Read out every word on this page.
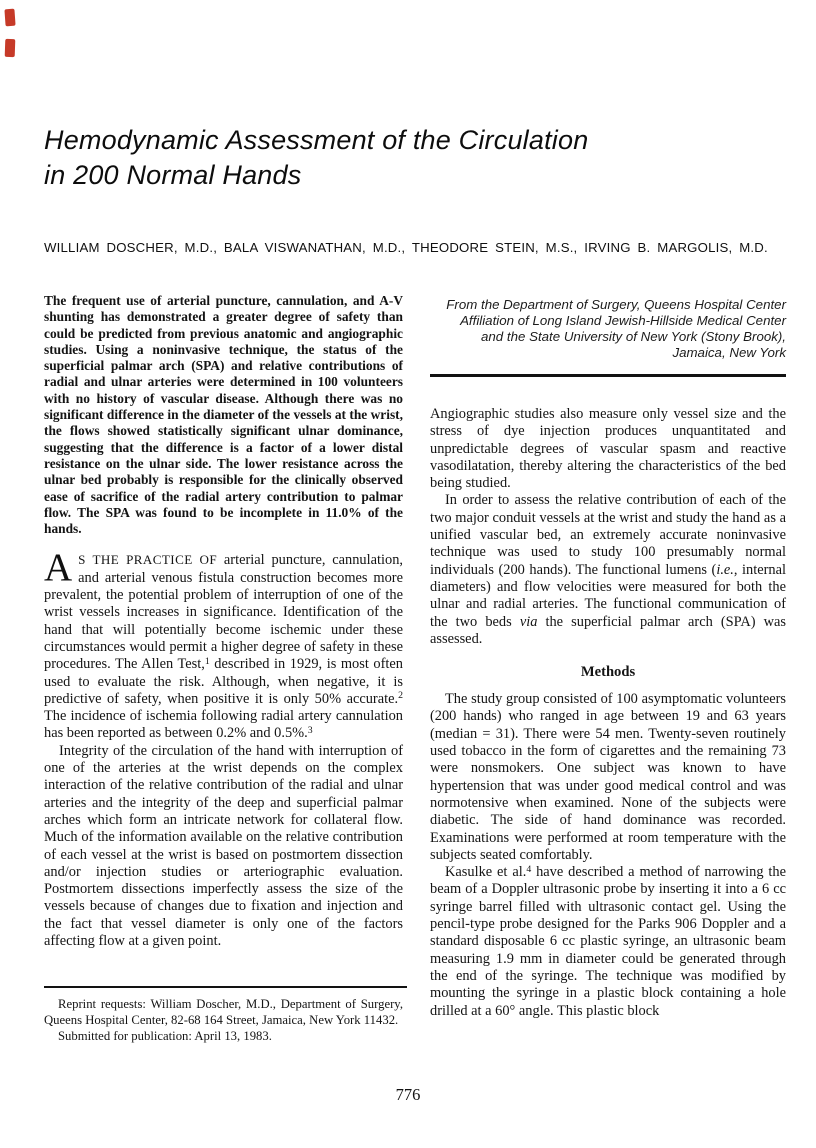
Hemodynamic Assessment of the Circulation
in 200 Normal Hands
WILLIAM DOSCHER, M.D., BALA VISWANATHAN, M.D., THEODORE STEIN, M.S., IRVING B. MARGOLIS, M.D.

The frequent use of arterial puncture, cannulation, and A-V shunting has demonstrated a greater degree of safety than could be predicted from previous anatomic and angiographic studies. Using a noninvasive technique, the status of the superficial palmar arch (SPA) and relative contributions of radial and ulnar arteries were determined in 100 volunteers with no history of vascular disease. Although there was no significant difference in the diameter of the vessels at the wrist, the flows showed statistically significant ulnar dominance, suggesting that the difference is a factor of a lower distal resistance on the ulnar side. The lower resistance across the ulnar bed probably is responsible for the clinically observed ease of sacrifice of the radial artery contribution to palmar flow. The SPA was found to be incomplete in 11.0% of the hands.

A S THE PRACTICE OF arterial puncture, cannulation, and arterial venous fistula construction becomes more prevalent, the potential problem of interruption of one of the wrist vessels increases in significance. Identification of the hand that will potentially become ischemic under these circumstances would permit a higher degree of safety in these procedures. The Allen Test,$^1$ described in 1929, is most often used to evaluate the risk. Although, when negative, it is predictive of safety, when positive it is only 50% accurate.$^2$ The incidence of ischemia following radial artery cannulation has been reported as between 0.2% and 0.5%.$^3$

Integrity of the circulation of the hand with interruption of one of the arteries at the wrist depends on the complex interaction of the relative contribution of the radial and ulnar arteries and the integrity of the deep and superficial palmar arches which form an intricate network for collateral flow. Much of the information available on the relative contribution of each vessel at the wrist is based on postmortem dissection and/or injection studies or arteriographic evaluation. Postmortem dissections imperfectly assess the size of the vessels because of changes due to fixation and injection and the fact that vessel diameter is only one of the factors affecting flow at a given point.

From the Department of Surgery, Queens Hospital Center
Affiliation of Long Island Jewish-Hillside Medical Center
and the State University of New York (Stony Brook),
Jamaica, New York

Angiographic studies also measure only vessel size and the stress of dye injection produces unquantitated and unpredictable degrees of vascular spasm and reactive vasodilatation, thereby altering the characteristics of the bed being studied.

In order to assess the relative contribution of each of the two major conduit vessels at the wrist and study the hand as a unified vascular bed, an extremely accurate noninvasive technique was used to study 100 presumably normal individuals (200 hands). The functional lumens (i.e., internal diameters) and flow velocities were measured for both the ulnar and radial arteries. The functional communication of the two beds via the superficial palmar arch (SPA) was assessed.

Methods

The study group consisted of 100 asymptomatic volunteers (200 hands) who ranged in age between 19 and 63 years (median = 31). There were 54 men. Twenty-seven routinely used tobacco in the form of cigarettes and the remaining 73 were nonsmokers. One subject was known to have hypertension that was under good medical control and was normotensive when examined. None of the subjects were diabetic. The side of hand dominance was recorded. Examinations were performed at room temperature with the subjects seated comfortably.

Kasulke et al.$^4$ have described a method of narrowing the beam of a Doppler ultrasonic probe by inserting it into a 6 cc syringe barrel filled with ultrasonic contact gel. Using the pencil-type probe designed for the Parks 906 Doppler and a standard disposable 6 cc plastic syringe, an ultrasonic beam measuring 1.9 mm in diameter could be generated through the end of the syringe. The technique was modified by mounting the syringe in a plastic block containing a hole drilled at a 60° angle. This plastic block

Reprint requests: William Doscher, M.D., Department of Surgery, Queens Hospital Center, 82-68 164 Street, Jamaica, New York 11432.

Submitted for publication: April 13, 1983.

776
